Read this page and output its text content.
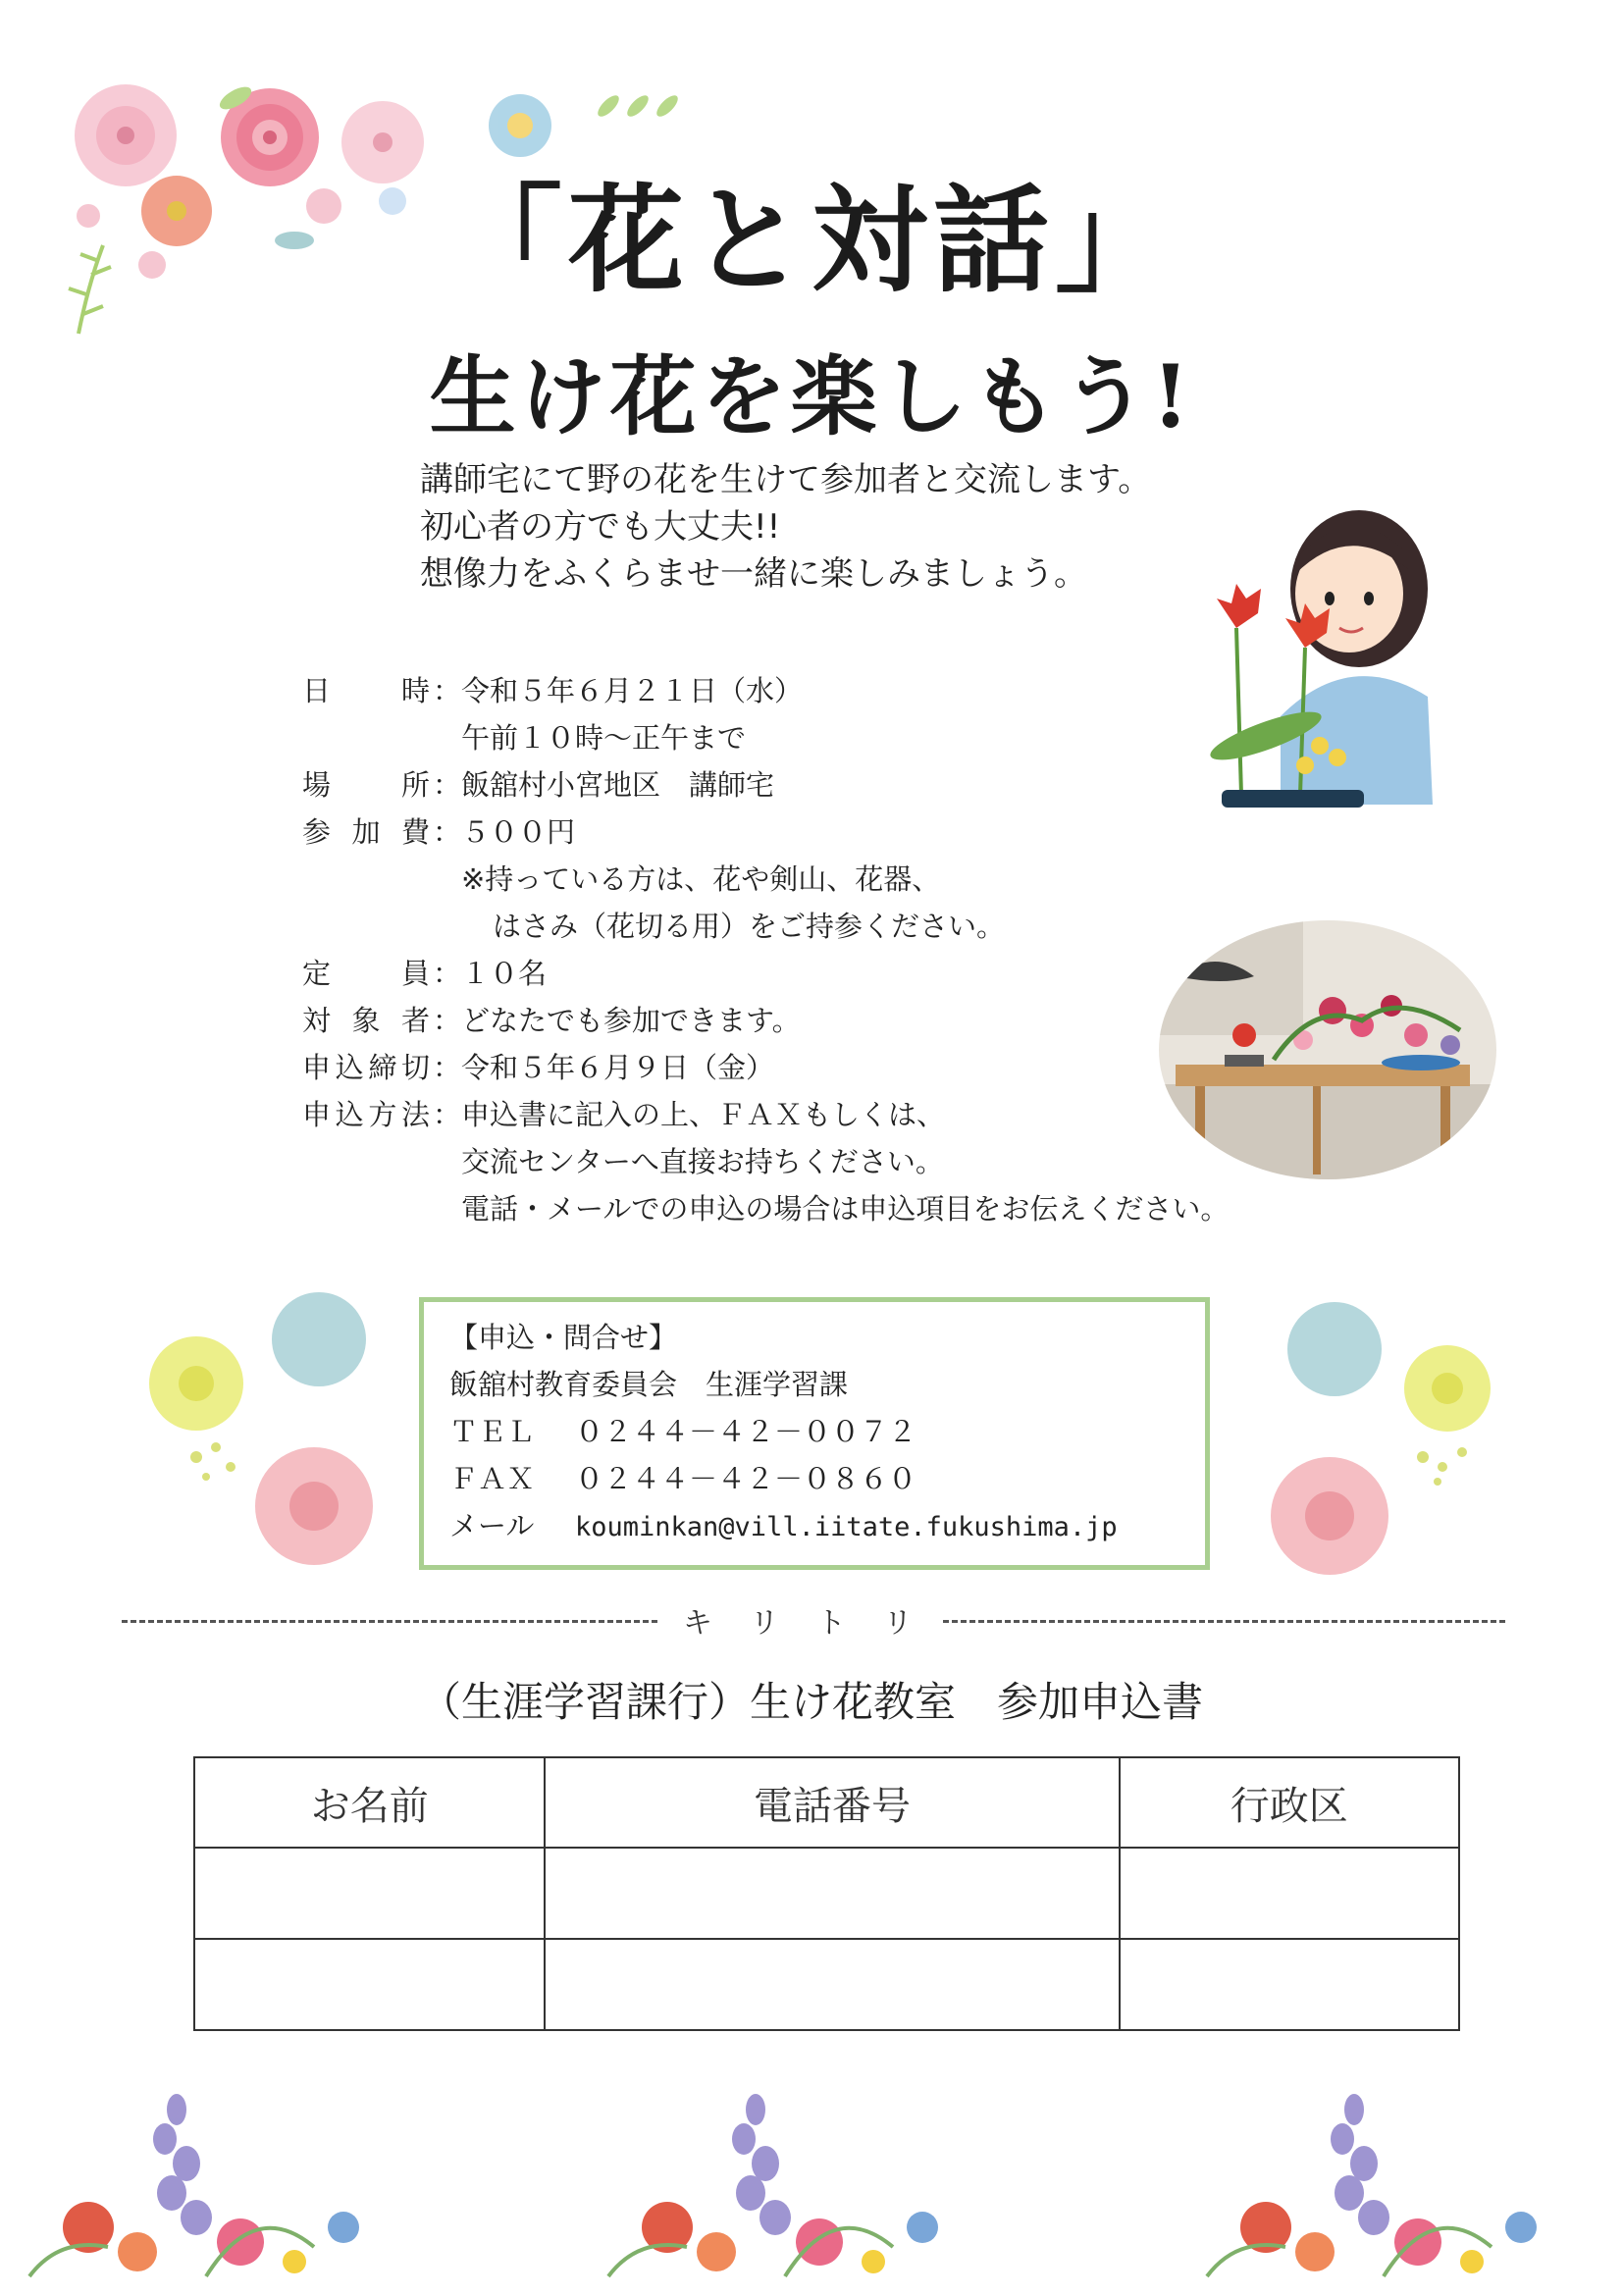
「花と対話」
生け花を楽しもう!
講師宅にて野の花を生けて参加者と交流します。
初心者の方でも大丈夫!!
想像力をふくらませ一緒に楽しみましょう。
日時 ： 令和５年６月２１日（水）
午前１０時～正午まで
場所 ： 飯舘村小宮地区　講師宅
参加費 ： ５００円
※持っている方は、花や剣山、花器、
はさみ（花切る用）をご持参ください。
定員 ： １０名
対象者 ： どなたでも参加できます。
申込締切 ： 令和５年６月９日（金）
申込方法 ： 申込書に記入の上、ＦＡＸもしくは、
交流センターへ直接お持ちください。
電話・メールでの申込の場合は申込項目をお伝えください。
【申込・問合せ】
飯舘村教育委員会　生涯学習課
ＴＥＬ ０２４４－４２－００７２
ＦＡＸ ０２４４－４２－０８６０
メール kouminkan@vill.iitate.fukushima.jp
キ　リ　ト　リ
（生涯学習課行）生け花教室　参加申込書
お名前	電話番号	行政区
